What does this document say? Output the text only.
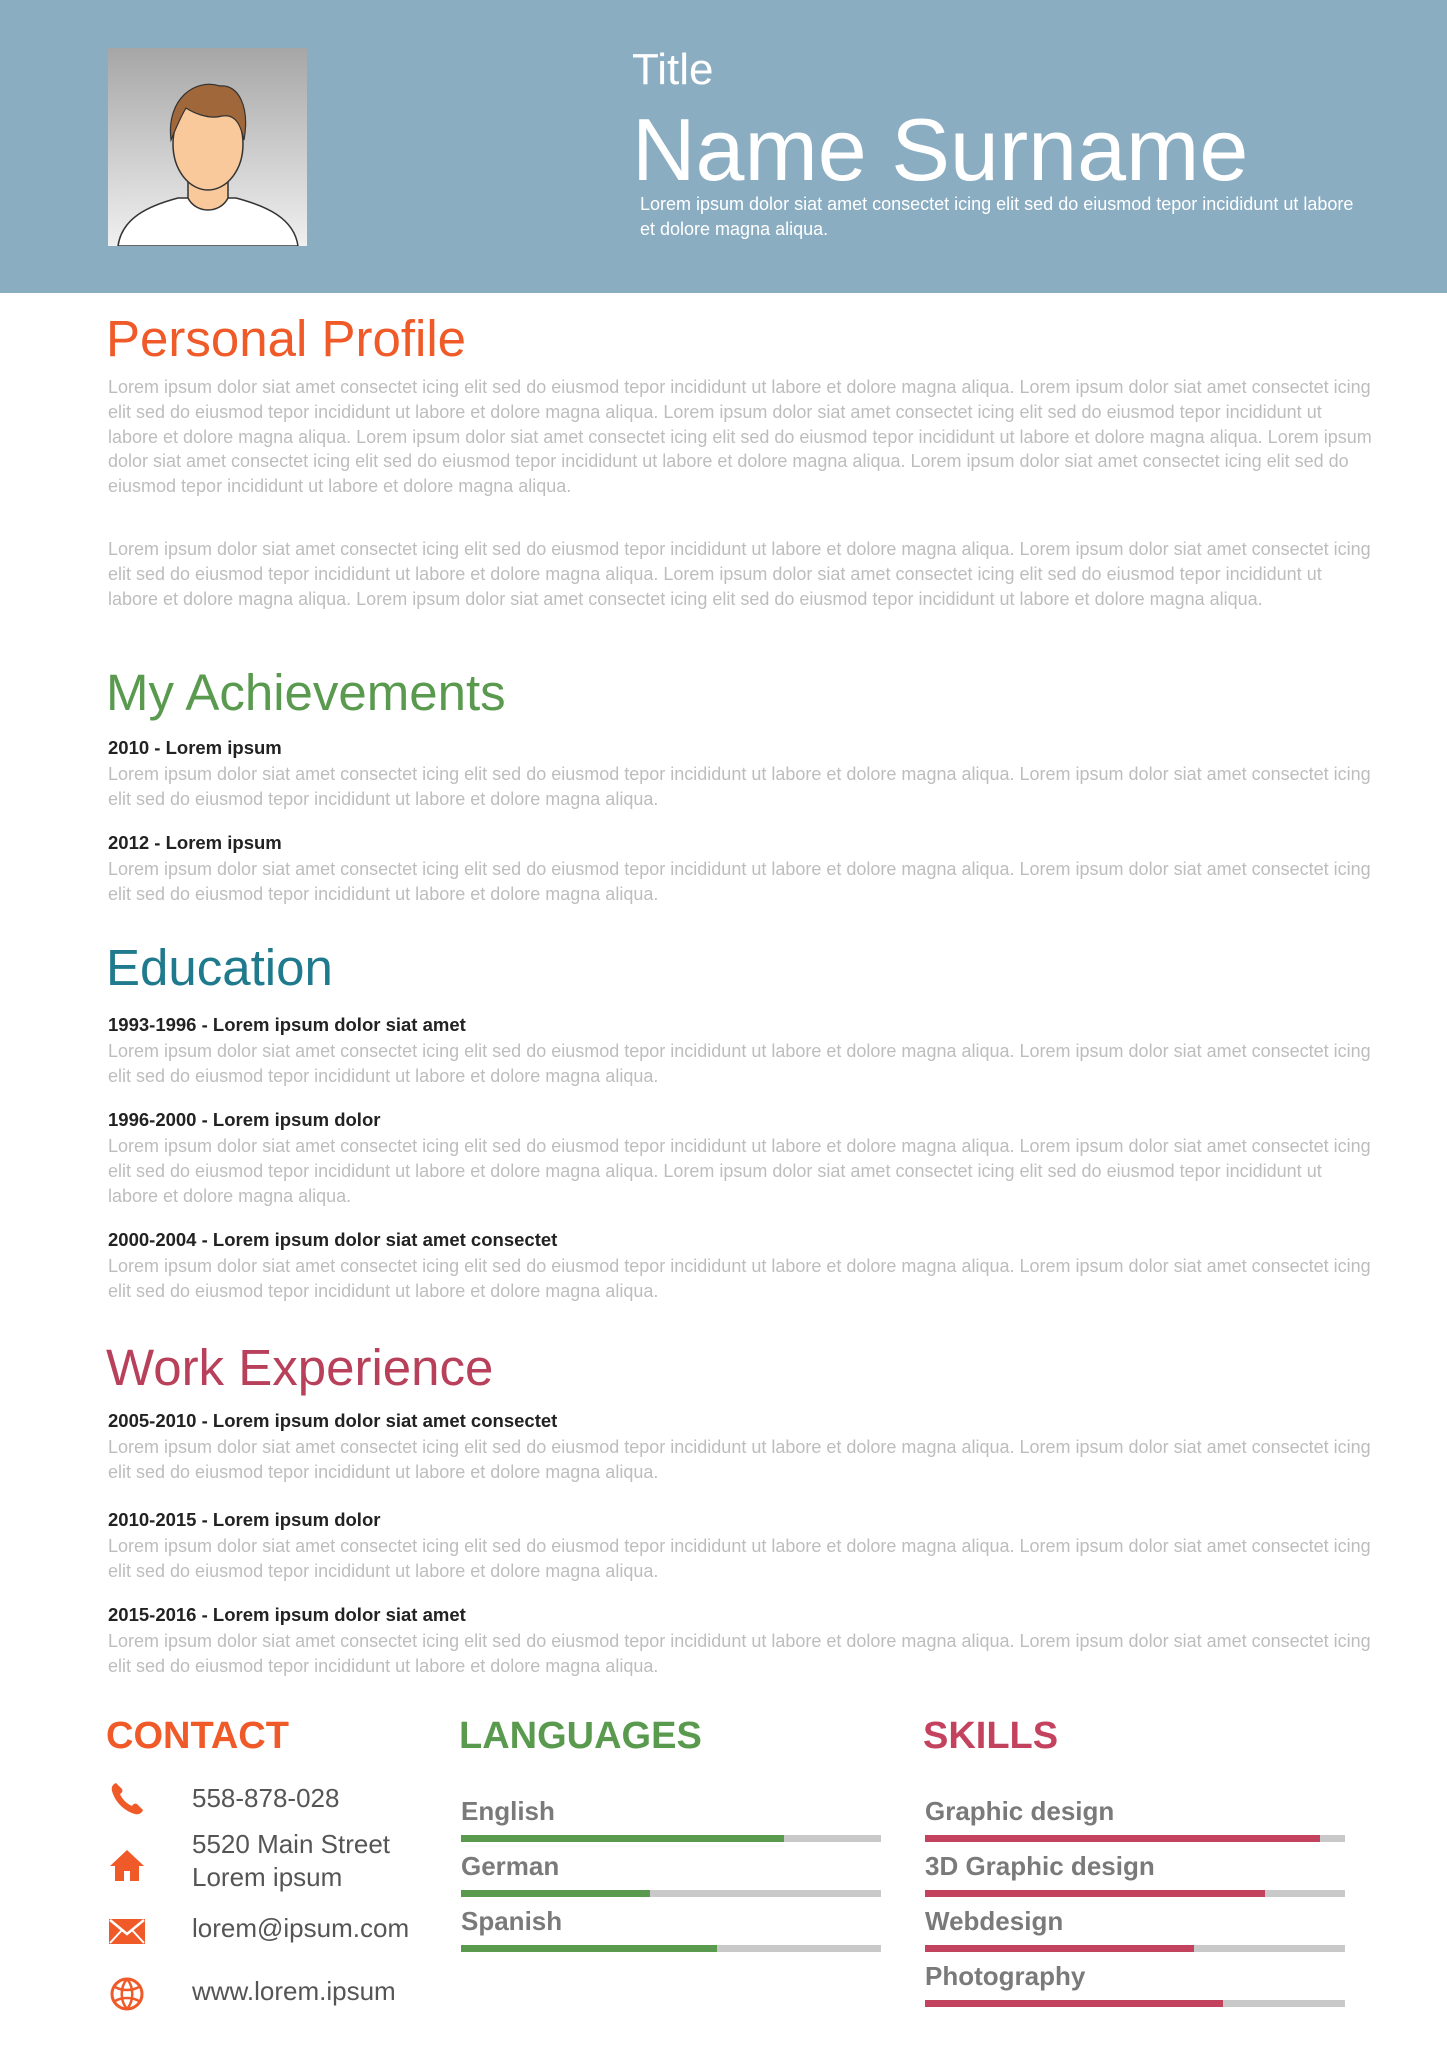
Title
Name Surname
Lorem ipsum dolor siat amet consectet icing elit sed do eiusmod tepor incididunt ut labore et dolore magna aliqua.
Personal Profile
Lorem ipsum dolor siat amet consectet icing elit sed do eiusmod tepor incididunt ut labore et dolore magna aliqua. Lorem ipsum dolor siat amet consectet icing elit sed do eiusmod tepor incididunt ut labore et dolore magna aliqua. Lorem ipsum dolor siat amet consectet icing elit sed do eiusmod tepor incididunt ut labore et dolore magna aliqua. Lorem ipsum dolor siat amet consectet icing elit sed do eiusmod tepor incididunt ut labore et dolore magna aliqua. Lorem ipsum dolor siat amet consectet icing elit sed do eiusmod tepor incididunt ut labore et dolore magna aliqua. Lorem ipsum dolor siat amet consectet icing elit sed do eiusmod tepor incididunt ut labore et dolore magna aliqua.
Lorem ipsum dolor siat amet consectet icing elit sed do eiusmod tepor incididunt ut labore et dolore magna aliqua. Lorem ipsum dolor siat amet consectet icing elit sed do eiusmod tepor incididunt ut labore et dolore magna aliqua. Lorem ipsum dolor siat amet consectet icing elit sed do eiusmod tepor incididunt ut labore et dolore magna aliqua. Lorem ipsum dolor siat amet consectet icing elit sed do eiusmod tepor incididunt ut labore et dolore magna aliqua.
My Achievements
2010 - Lorem ipsum
Lorem ipsum dolor siat amet consectet icing elit sed do eiusmod tepor incididunt ut labore et dolore magna aliqua. Lorem ipsum dolor siat amet consectet icing elit sed do eiusmod tepor incididunt ut labore et dolore magna aliqua.
2012 - Lorem ipsum
Lorem ipsum dolor siat amet consectet icing elit sed do eiusmod tepor incididunt ut labore et dolore magna aliqua. Lorem ipsum dolor siat amet consectet icing elit sed do eiusmod tepor incididunt ut labore et dolore magna aliqua.
Education
1993-1996 - Lorem ipsum dolor siat amet
Lorem ipsum dolor siat amet consectet icing elit sed do eiusmod tepor incididunt ut labore et dolore magna aliqua. Lorem ipsum dolor siat amet consectet icing elit sed do eiusmod tepor incididunt ut labore et dolore magna aliqua.
1996-2000 - Lorem ipsum dolor
Lorem ipsum dolor siat amet consectet icing elit sed do eiusmod tepor incididunt ut labore et dolore magna aliqua. Lorem ipsum dolor siat amet consectet icing elit sed do eiusmod tepor incididunt ut labore et dolore magna aliqua. Lorem ipsum dolor siat amet consectet icing elit sed do eiusmod tepor incididunt ut labore et dolore magna aliqua.
2000-2004 - Lorem ipsum dolor siat amet consectet
Lorem ipsum dolor siat amet consectet icing elit sed do eiusmod tepor incididunt ut labore et dolore magna aliqua. Lorem ipsum dolor siat amet consectet icing elit sed do eiusmod tepor incididunt ut labore et dolore magna aliqua.
Work Experience
2005-2010 - Lorem ipsum dolor siat amet consectet
Lorem ipsum dolor siat amet consectet icing elit sed do eiusmod tepor incididunt ut labore et dolore magna aliqua. Lorem ipsum dolor siat amet consectet icing elit sed do eiusmod tepor incididunt ut labore et dolore magna aliqua.
2010-2015 - Lorem ipsum dolor
Lorem ipsum dolor siat amet consectet icing elit sed do eiusmod tepor incididunt ut labore et dolore magna aliqua. Lorem ipsum dolor siat amet consectet icing elit sed do eiusmod tepor incididunt ut labore et dolore magna aliqua.
2015-2016 - Lorem ipsum dolor siat amet
Lorem ipsum dolor siat amet consectet icing elit sed do eiusmod tepor incididunt ut labore et dolore magna aliqua. Lorem ipsum dolor siat amet consectet icing elit sed do eiusmod tepor incididunt ut labore et dolore magna aliqua.
CONTACT
558-878-028
5520 Main Street
Lorem ipsum
lorem@ipsum.com
www.lorem.ipsum
LANGUAGES
English
German
Spanish
SKILLS
Graphic design
3D Graphic design
Webdesign
Photography
